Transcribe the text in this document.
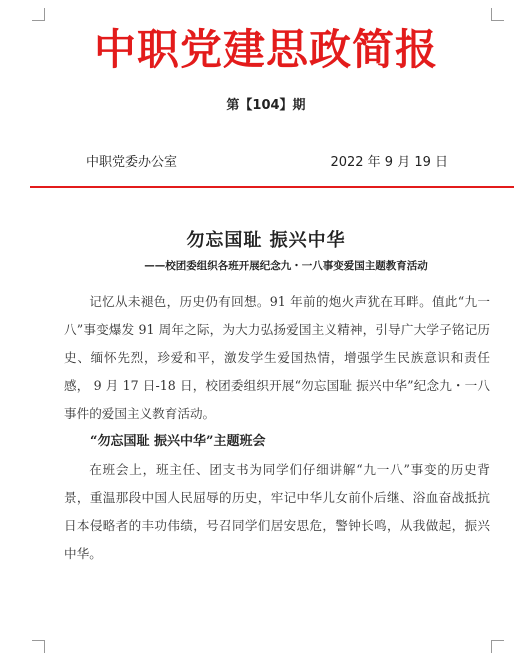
中职党建思政简报
第【104】期
中职党委办公室	2022 年 9 月 19 日
勿忘国耻 振兴中华
——校团委组织各班开展纪念九・一八事变爱国主题教育活动

记忆从未褪色，历史仍有回想。91 年前的炮火声犹在耳畔。值此“九一八”事变爆发 91 周年之际，为大力弘扬爱国主义精神，引导广大学子铭记历史、缅怀先烈，珍爱和平，激发学生爱国热情，增强学生民族意识和责任感， 9 月 17 日-18 日，校团委组织开展“勿忘国耻 振兴中华”纪念九・一八事件的爱国主义教育活动。

“勿忘国耻 振兴中华”主题班会

在班会上，班主任、团支书为同学们仔细讲解“九一八”事变的历史背景，重温那段中国人民屈辱的历史，牢记中华儿女前仆后继、浴血奋战抵抗日本侵略者的丰功伟绩，号召同学们居安思危，警钟长鸣，从我做起，振兴中华。
